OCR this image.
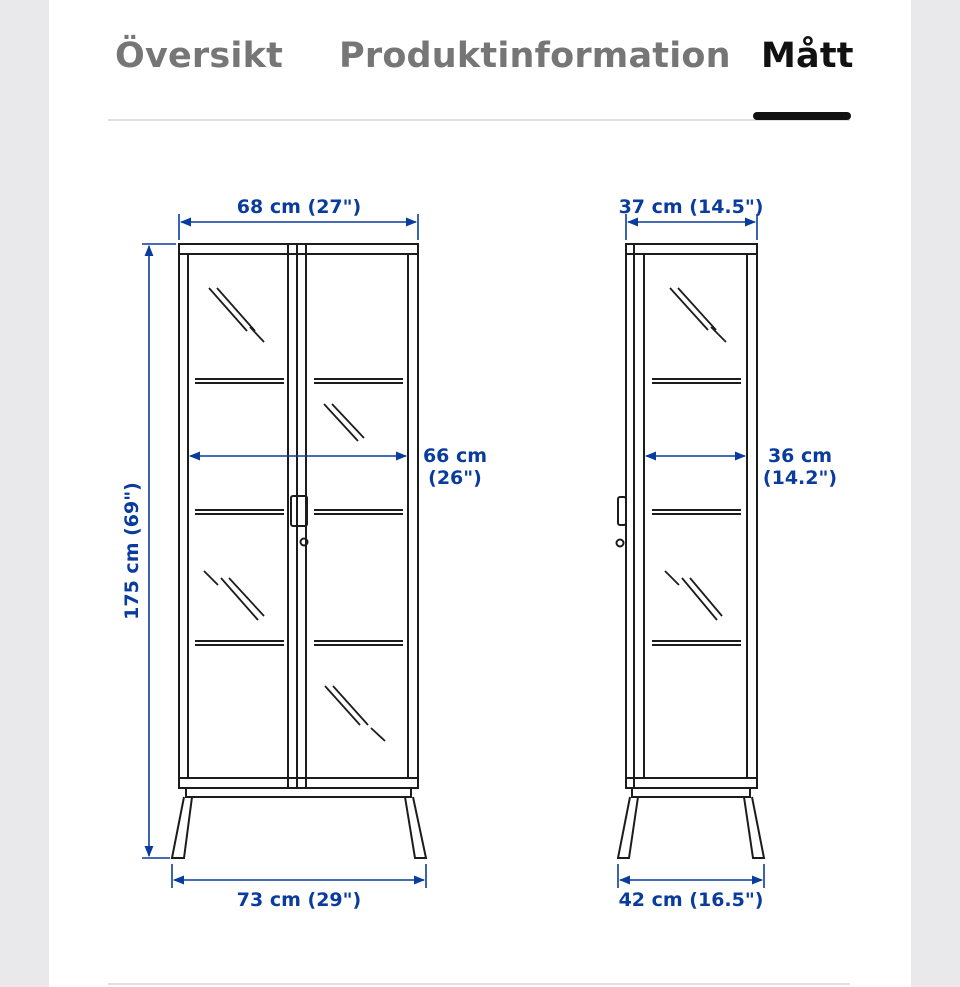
Översikt Produktinformation Mått
68 cm (27")
175 cm (69")
66 cm
(26")
73 cm (29")
37 cm (14.5")
36 cm
(14.2")
42 cm (16.5")
